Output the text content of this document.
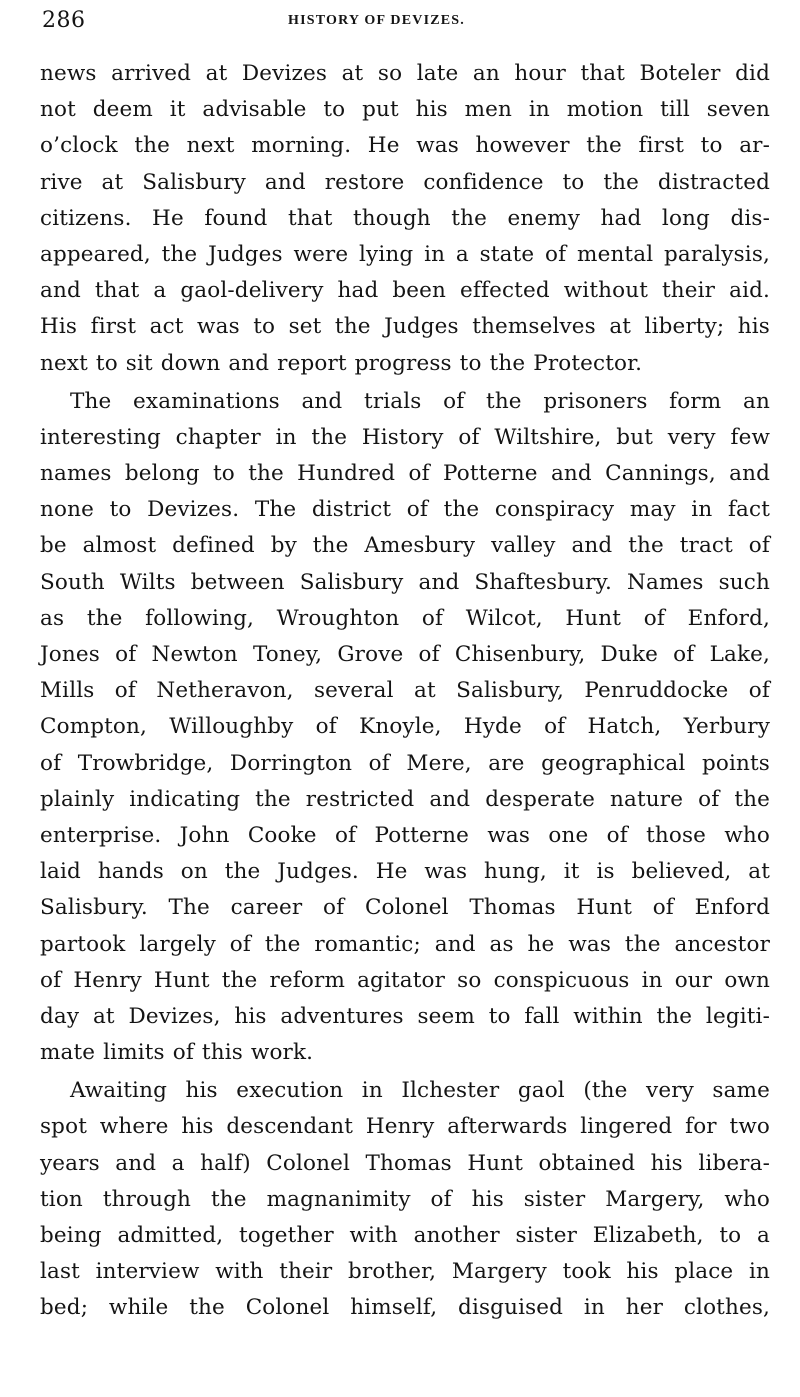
286	HISTORY OF DEVIZES.
news arrived at Devizes at so late an hour that Boteler did
not deem it advisable to put his men in motion till seven
o’clock the next morning. He was however the first to ar-
rive at Salisbury and restore confidence to the distracted
citizens. He found that though the enemy had long dis-
appeared, the Judges were lying in a state of mental paralysis,
and that a gaol-delivery had been effected without their aid.
His first act was to set the Judges themselves at liberty; his
next to sit down and report progress to the Protector.
The examinations and trials of the prisoners form an
interesting chapter in the History of Wiltshire, but very few
names belong to the Hundred of Potterne and Cannings, and
none to Devizes. The district of the conspiracy may in fact
be almost defined by the Amesbury valley and the tract of
South Wilts between Salisbury and Shaftesbury. Names such
as the following, Wroughton of Wilcot, Hunt of Enford,
Jones of Newton Toney, Grove of Chisenbury, Duke of Lake,
Mills of Netheravon, several at Salisbury, Penruddocke of
Compton, Willoughby of Knoyle, Hyde of Hatch, Yerbury
of Trowbridge, Dorrington of Mere, are geographical points
plainly indicating the restricted and desperate nature of the
enterprise. John Cooke of Potterne was one of those who
laid hands on the Judges. He was hung, it is believed, at
Salisbury. The career of Colonel Thomas Hunt of Enford
partook largely of the romantic; and as he was the ancestor
of Henry Hunt the reform agitator so conspicuous in our own
day at Devizes, his adventures seem to fall within the legiti-
mate limits of this work.
Awaiting his execution in Ilchester gaol (the very same
spot where his descendant Henry afterwards lingered for two
years and a half) Colonel Thomas Hunt obtained his libera-
tion through the magnanimity of his sister Margery, who
being admitted, together with another sister Elizabeth, to a
last interview with their brother, Margery took his place in
bed; while the Colonel himself, disguised in her clothes,
